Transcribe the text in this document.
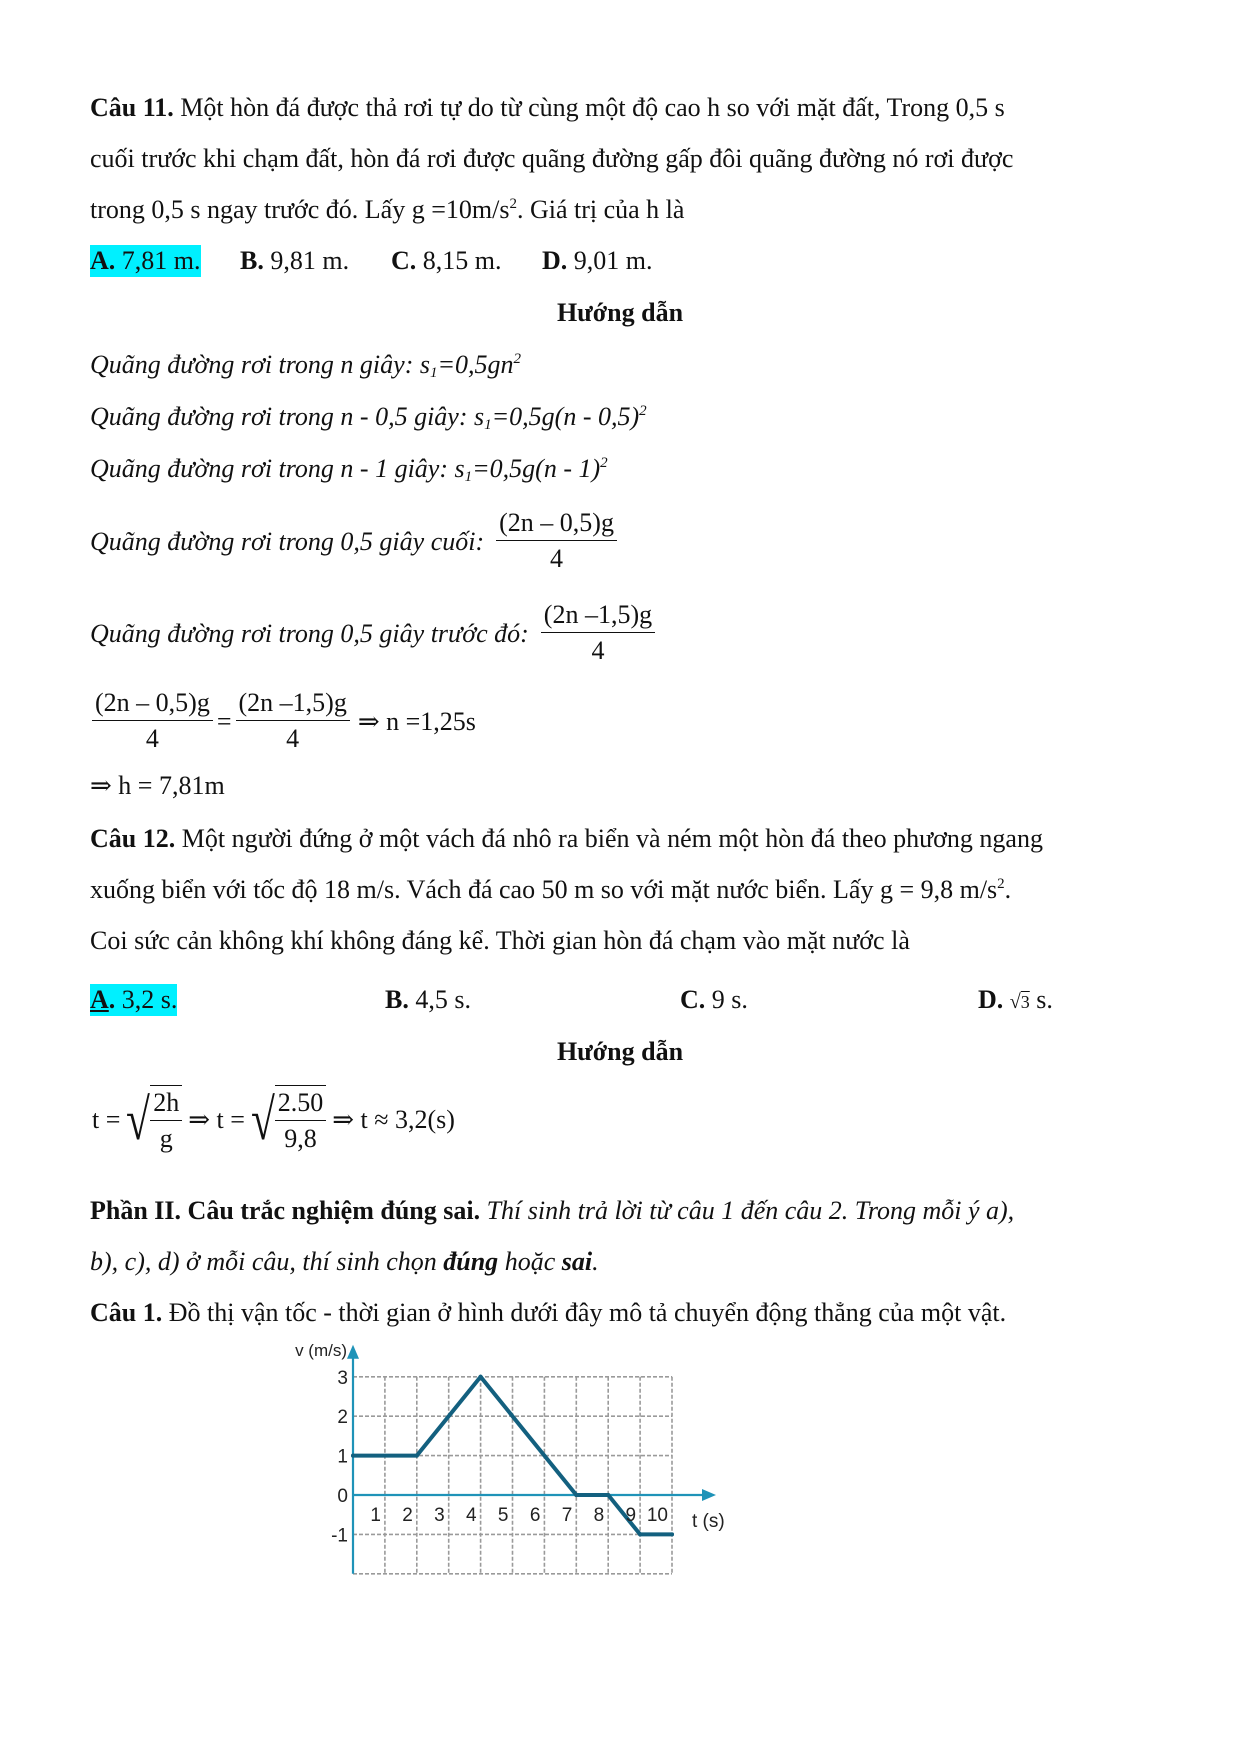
Câu 11. Một hòn đá được thả rơi tự do từ cùng một độ cao h so với mặt đất, Trong 0,5 s
cuối trước khi chạm đất, hòn đá rơi được quãng đường gấp đôi quãng đường nó rơi được
trong 0,5 s ngay trước đó. Lấy $g =10m/s^2$. Giá trị của h là
A. 7,81 m. B. 9,81 m. C. 8,15 m. D. 9,01 m.
Hướng dẫn
Quãng đường rơi trong n giây: $s_1=0,5gn^2$
Quãng đường rơi trong n - 0,5 giây: $s_1=0,5g(n - 0,5)^2$
Quãng đường rơi trong n - 1 giây: $s_1=0,5g(n - 1)^2$
Quãng đường rơi trong 0,5 giây cuối: $\frac{(2n - 0,5)g}{4}$
Quãng đường rơi trong 0,5 giây trước đó: $\frac{(2n -1,5)g}{4}$
$\frac{(2n - 0,5)g}{4} = \frac{(2n -1,5)g}{4}$ ⇒ n =1,25s
⇒ h = 7,81m
Câu 12. Một người đứng ở một vách đá nhô ra biển và ném một hòn đá theo phương ngang
xuống biển với tốc độ 18 m/s. Vách đá cao 50 m so với mặt nước biển. Lấy g = 9,8 $m/s^2$.
Coi sức cản không khí không đáng kể. Thời gian hòn đá chạm vào mặt nước là
A. 3,2 s.	B. 4,5 s.	C. 9 s.	D. √3 s.
Hướng dẫn
t = √ $\frac{2h}{g}$ ⇒ t = √ $\frac{2.50}{9,8}$ ⇒ t ≈ 3,2(s)
Phần II. Câu trắc nghiệm đúng sai. Thí sinh trả lời từ câu 1 đến câu 2. Trong mỗi ý a),
b), c), d) ở mỗi câu, thí sinh chọn đúng hoặc sai.
Câu 1. Đồ thị vận tốc - thời gian ở hình dưới đây mô tả chuyển động thẳng của một vật.
1 2 3 4 5 6 7 8 9 10
3
2
1
0
-1
v (m/s)
t (s)
